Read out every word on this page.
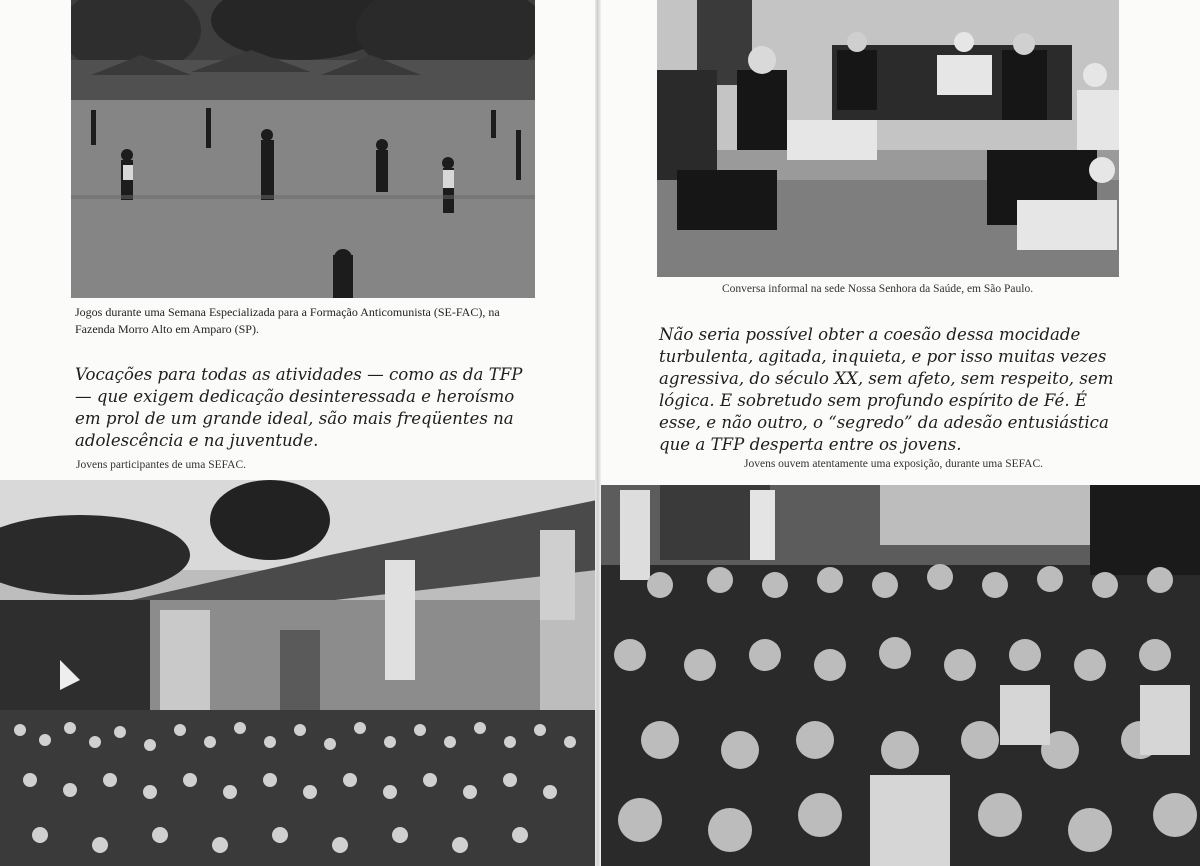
Jogos durante uma Semana Especializada para a Formação Anticomunista (SE-FAC), na Fazenda Morro Alto em Amparo (SP).

Vocações para todas as atividades — como as da TFP — que exigem dedicação desinteressada e heroísmo em prol de um grande ideal, são mais freqüentes na adolescência e na juventude.

Jovens participantes de uma SEFAC.

Conversa informal na sede Nossa Senhora da Saúde, em São Paulo.

Não seria possível obter a coesão dessa mocidade turbulenta, agitada, inquieta, e por isso muitas vezes agressiva, do século XX, sem afeto, sem respeito, sem lógica. E sobretudo sem profundo espírito de Fé. É esse, e não outro, o “segredo” da adesão entusiástica que a TFP desperta entre os jovens.

Jovens ouvem atentamente uma exposição, durante uma SEFAC.
